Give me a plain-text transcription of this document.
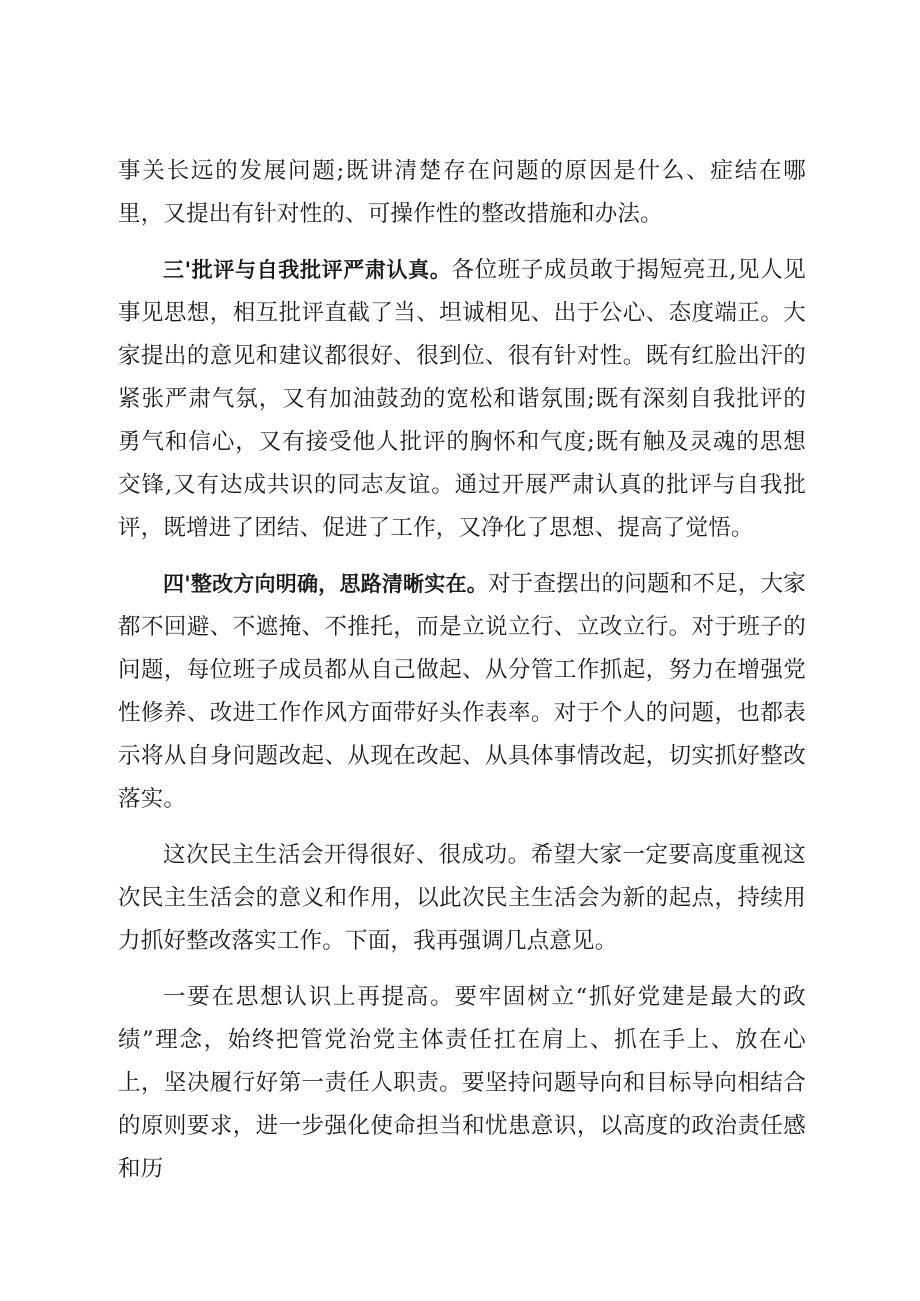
事关长远的发展问题;既讲清楚存在问题的原因是什么、症结在哪里，又提出有针对性的、可操作性的整改措施和办法。

三'批评与自我批评严肃认真。各位班子成员敢于揭短亮丑,见人见事见思想，相互批评直截了当、坦诚相见、出于公心、态度端正。大家提出的意见和建议都很好、很到位、很有针对性。既有红脸出汗的紧张严肃气氛，又有加油鼓劲的宽松和谐氛围;既有深刻自我批评的勇气和信心，又有接受他人批评的胸怀和气度;既有触及灵魂的思想交锋,又有达成共识的同志友谊。通过开展严肃认真的批评与自我批评，既增进了团结、促进了工作，又净化了思想、提高了觉悟。

四'整改方向明确，思路清晰实在。对于查摆出的问题和不足，大家都不回避、不遮掩、不推托，而是立说立行、立改立行。对于班子的问题，每位班子成员都从自己做起、从分管工作抓起，努力在增强党性修养、改进工作作风方面带好头作表率。对于个人的问题，也都表示将从自身问题改起、从现在改起、从具体事情改起，切实抓好整改落实。

这次民主生活会开得很好、很成功。希望大家一定要高度重视这次民主生活会的意义和作用，以此次民主生活会为新的起点，持续用力抓好整改落实工作。下面，我再强调几点意见。

一要在思想认识上再提高。要牢固树立“抓好党建是最大的政绩”理念，始终把管党治党主体责任扛在肩上、抓在手上、放在心上，坚决履行好第一责任人职责。要坚持问题导向和目标导向相结合的原则要求，进一步强化使命担当和忧患意识，以高度的政治责任感和历
